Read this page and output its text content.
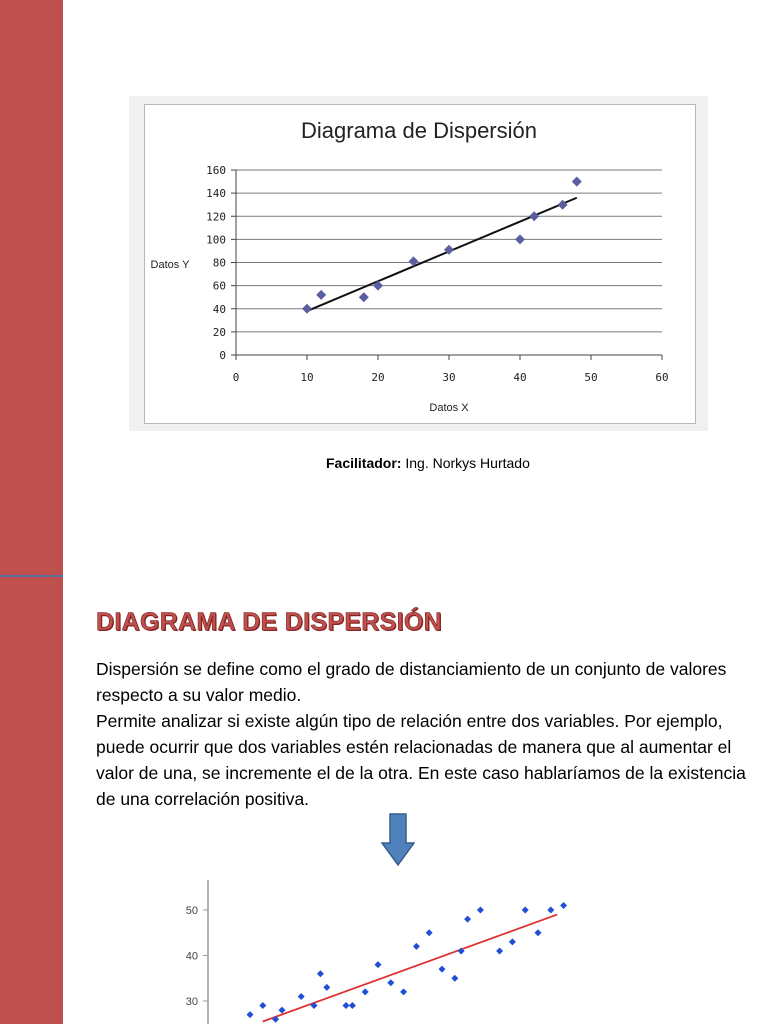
Diagrama de Dispersión
0
20
40
60
80
100
120
140
160
0	10	20	30	40	50	60
Datos Y
Datos X
Facilitador: Ing. Norkys Hurtado
DIAGRAMA DE DISPERSIÓN

Dispersión se define como el grado de distanciamiento de un conjunto de valores respecto a su valor medio.

Permite analizar si existe algún tipo de relación entre dos variables. Por ejemplo, puede ocurrir que dos variables estén relacionadas de manera que al aumentar el valor de una, se incremente el de la otra. En este caso hablaríamos de la existencia de una correlación positiva.

30
40
50
